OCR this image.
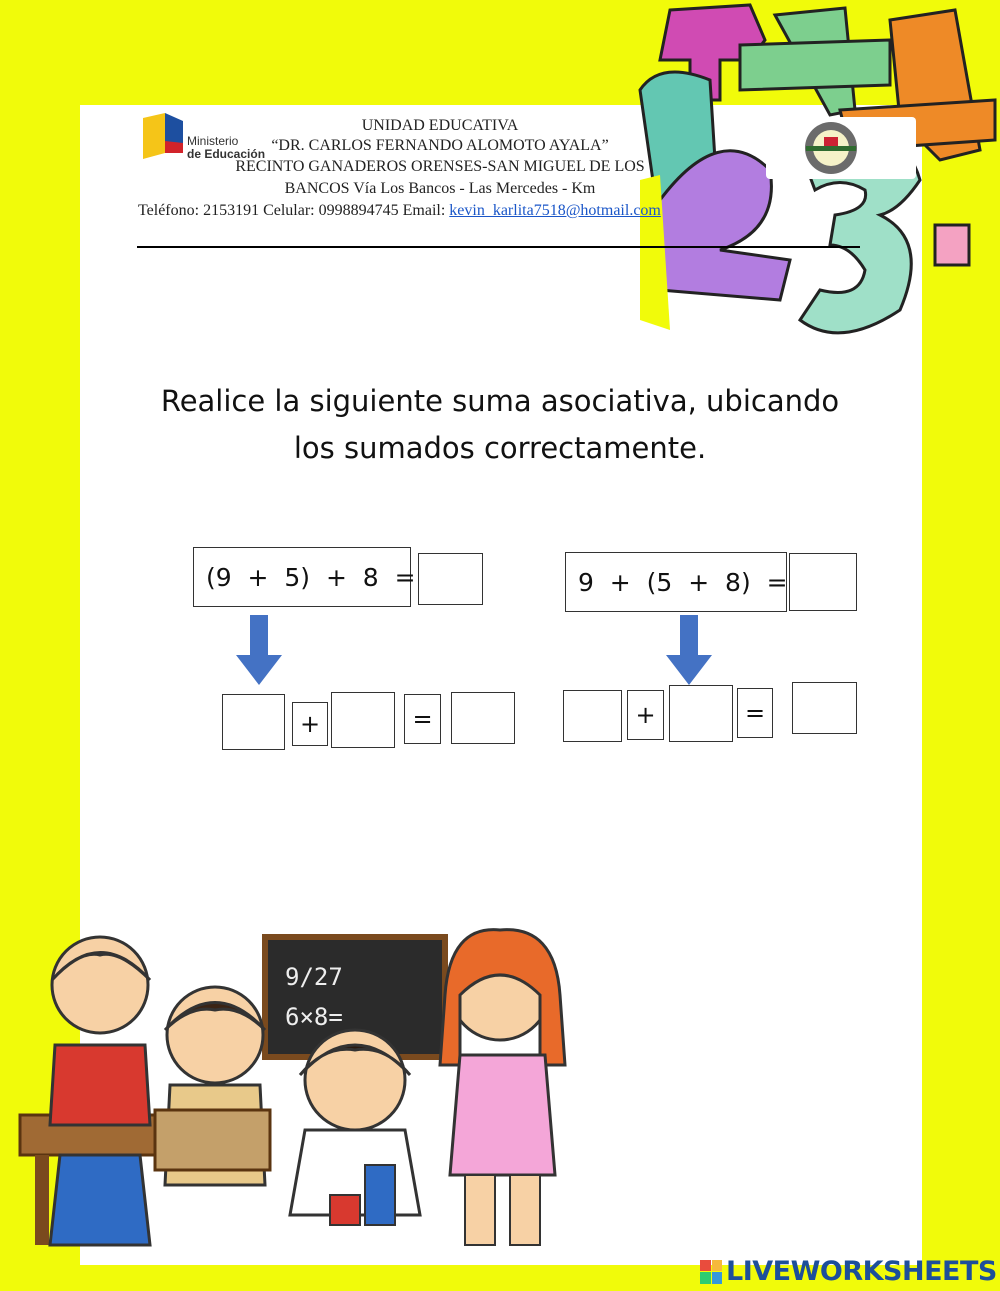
Ministerio
de Educación
UNIDAD EDUCATIVA
“DR. CARLOS FERNANDO ALOMOTO AYALA”
RECINTO GANADEROS ORENSES-SAN MIGUEL DE LOS
BANCOS Vía Los Bancos - Las Mercedes - Km
Teléfono: 2153191 Celular: 0998894745 Email: kevin_karlita7518@hotmail.com
Realice la siguiente suma asociativa, ubicando
los sumados correctamente.
(9  +  5)  +  8  =
+	=
9  +  (5  +  8)  =
+	=
9/27
6×8=
LIVEWORKSHEETS
